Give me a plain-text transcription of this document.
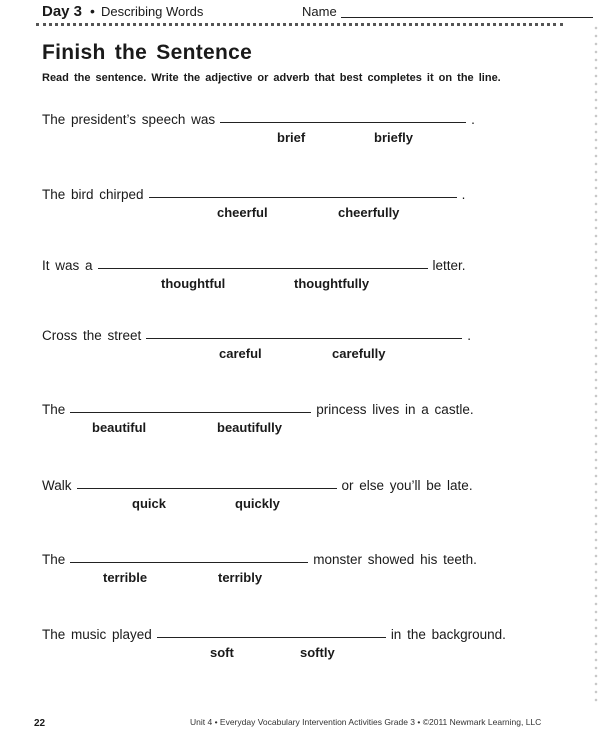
Day 3 • Describing Words	Name
Finish the Sentence
Read the sentence. Write the adjective or adverb that best completes it on the line.
The president’s speech was	.
brief	briefly
The bird chirped	.
cheerful	cheerfully
It was a	letter.
thoughtful	thoughtfully
Cross the street	.
careful	carefully
The	princess lives in a castle.
beautiful	beautifully
Walk	or else you’ll be late.
quick	quickly
The	monster showed his teeth.
terrible	terribly
The music played	in the background.
soft	softly
22	Unit 4 • Everyday Vocabulary Intervention Activities Grade 3 • ©2011 Newmark Learning, LLC
